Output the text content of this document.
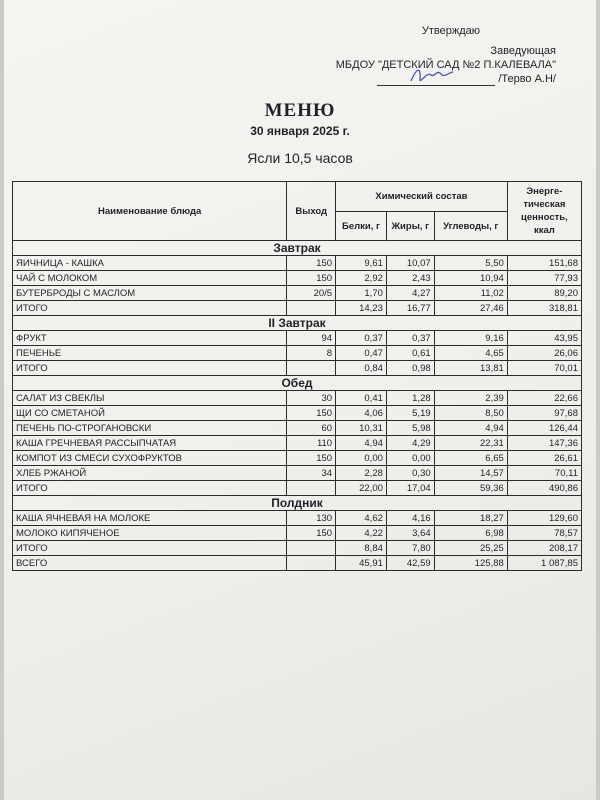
Утверждаю
Заведующая
МБДОУ "ДЕТСКИЙ САД №2 П.КАЛЕВАЛА"
/Терво А.Н/
МЕНЮ
30 января 2025 г.
Ясли 10,5 часов
Наименование блюда	Выход	Химический состав			Энерге-тическая ценность, ккал
		Белки, г	Жиры, г	Углеводы, г	
Завтрак					
ЯИЧНИЦА - КАШКА	150	9,61	10,07	5,50	151,68
ЧАЙ С МОЛОКОМ	150	2,92	2,43	10,94	77,93
БУТЕРБРОДЫ С МАСЛОМ	20/5	1,70	4,27	11,02	89,20
ИТОГО		14,23	16,77	27,46	318,81
II Завтрак					
ФРУКТ	94	0,37	0,37	9,16	43,95
ПЕЧЕНЬЕ	8	0,47	0,61	4,65	26,06
ИТОГО		0,84	0,98	13,81	70,01
Обед					
САЛАТ ИЗ СВЕКЛЫ	30	0,41	1,28	2,39	22,66
ЩИ СО СМЕТАНОЙ	150	4,06	5,19	8,50	97,68
ПЕЧЕНЬ ПО-СТРОГАНОВСКИ	60	10,31	5,98	4,94	126,44
КАША ГРЕЧНЕВАЯ РАССЫПЧАТАЯ	110	4,94	4,29	22,31	147,36
КОМПОТ ИЗ СМЕСИ СУХОФРУКТОВ	150	0,00	0,00	6,65	26,61
ХЛЕБ РЖАНОЙ	34	2,28	0,30	14,57	70,11
ИТОГО		22,00	17,04	59,36	490,86
Полдник					
КАША ЯЧНЕВАЯ НА МОЛОКЕ	130	4,62	4,16	18,27	129,60
МОЛОКО КИПЯЧЕНОЕ	150	4,22	3,64	6,98	78,57
ИТОГО		8,84	7,80	25,25	208,17
ВСЕГО		45,91	42,59	125,88	1 087,85
